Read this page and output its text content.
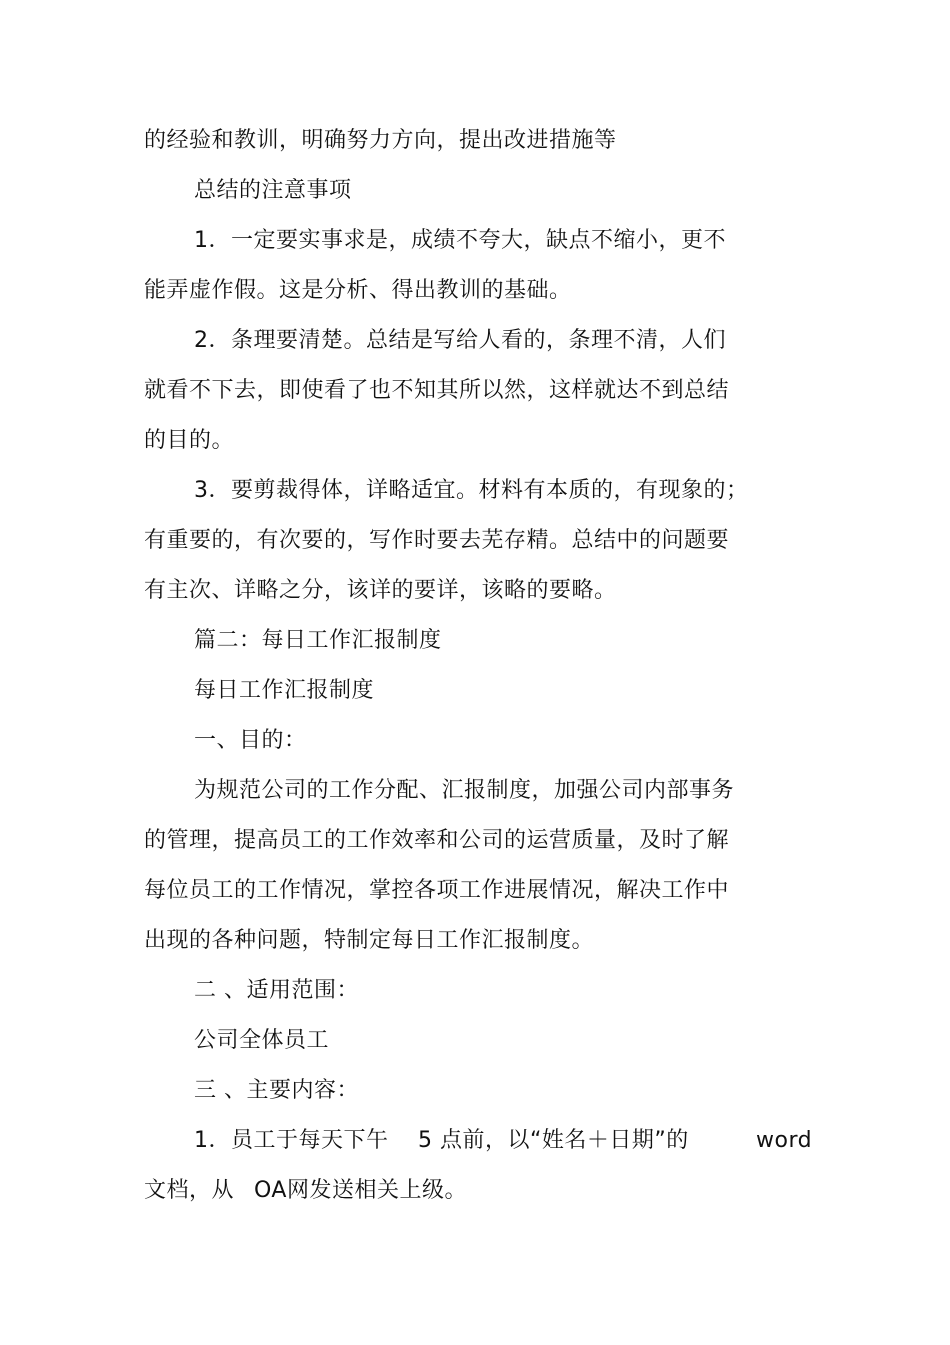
的经验和教训，明确努力方向，提出改进措施等
总结的注意事项
1．一定要实事求是，成绩不夸大，缺点不缩小，更不
能弄虚作假。这是分析、得出教训的基础。
2．条理要清楚。总结是写给人看的，条理不清，人们
就看不下去，即使看了也不知其所以然，这样就达不到总结
的目的。
3．要剪裁得体，详略适宜。材料有本质的，有现象的；
有重要的，有次要的，写作时要去芜存精。总结中的问题要
有主次、详略之分，该详的要详，该略的要略。
篇二：每日工作汇报制度
每日工作汇报制度
一、目的：
为规范公司的工作分配、汇报制度，加强公司内部事务
的管理，提高员工的工作效率和公司的运营质量，及时了解
每位员工的工作情况，掌控各项工作进展情况，解决工作中
出现的各种问题，特制定每日工作汇报制度。
二 、适用范围：
公司全体员工
三 、主要内容：
1．员工于每天下午 5 点前，以“姓名＋日期”的	word
文档，从 OA网发送相关上级。
